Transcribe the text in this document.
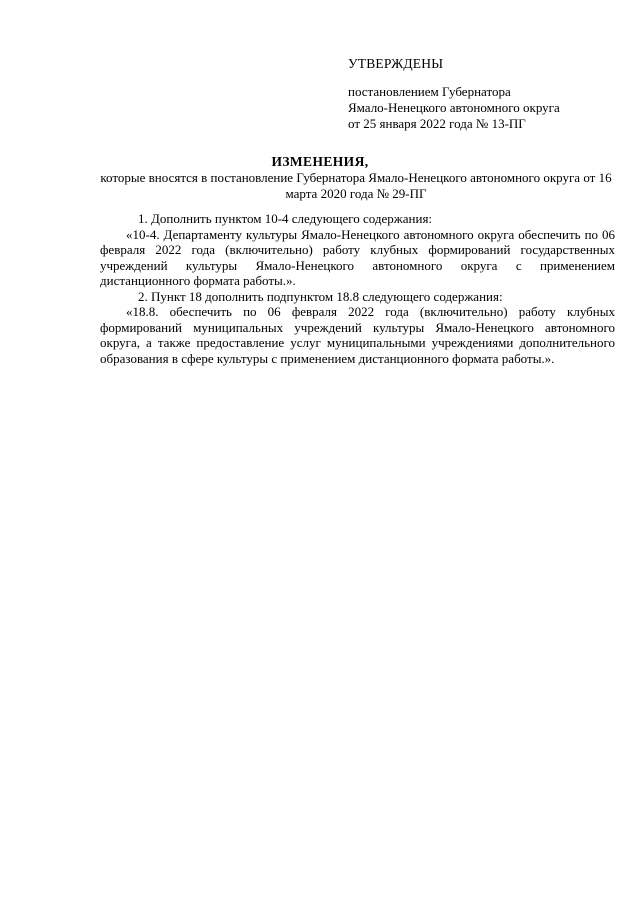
УТВЕРЖДЕНЫ
постановлением Губернатора
Ямало-Ненецкого автономного округа
от 25 января 2022 года № 13-ПГ
ИЗМЕНЕНИЯ,
которые вносятся в постановление Губернатора Ямало-Ненецкого автономного округа от 16 марта 2020 года № 29-ПГ

1. Дополнить пунктом 10-4 следующего содержания:

«10-4. Департаменту культуры Ямало-Ненецкого автономного округа обеспечить по 06 февраля 2022 года (включительно) работу клубных формирований государственных учреждений культуры Ямало-Ненецкого автономного округа с применением дистанционного формата работы.».

2. Пункт 18 дополнить подпунктом 18.8 следующего содержания:

«18.8. обеспечить по 06 февраля 2022 года (включительно) работу клубных формирований муниципальных учреждений культуры Ямало-Ненецкого автономного округа, а также предоставление услуг муниципальными учреждениями дополнительного образования в сфере культуры с применением дистанционного формата работы.».
